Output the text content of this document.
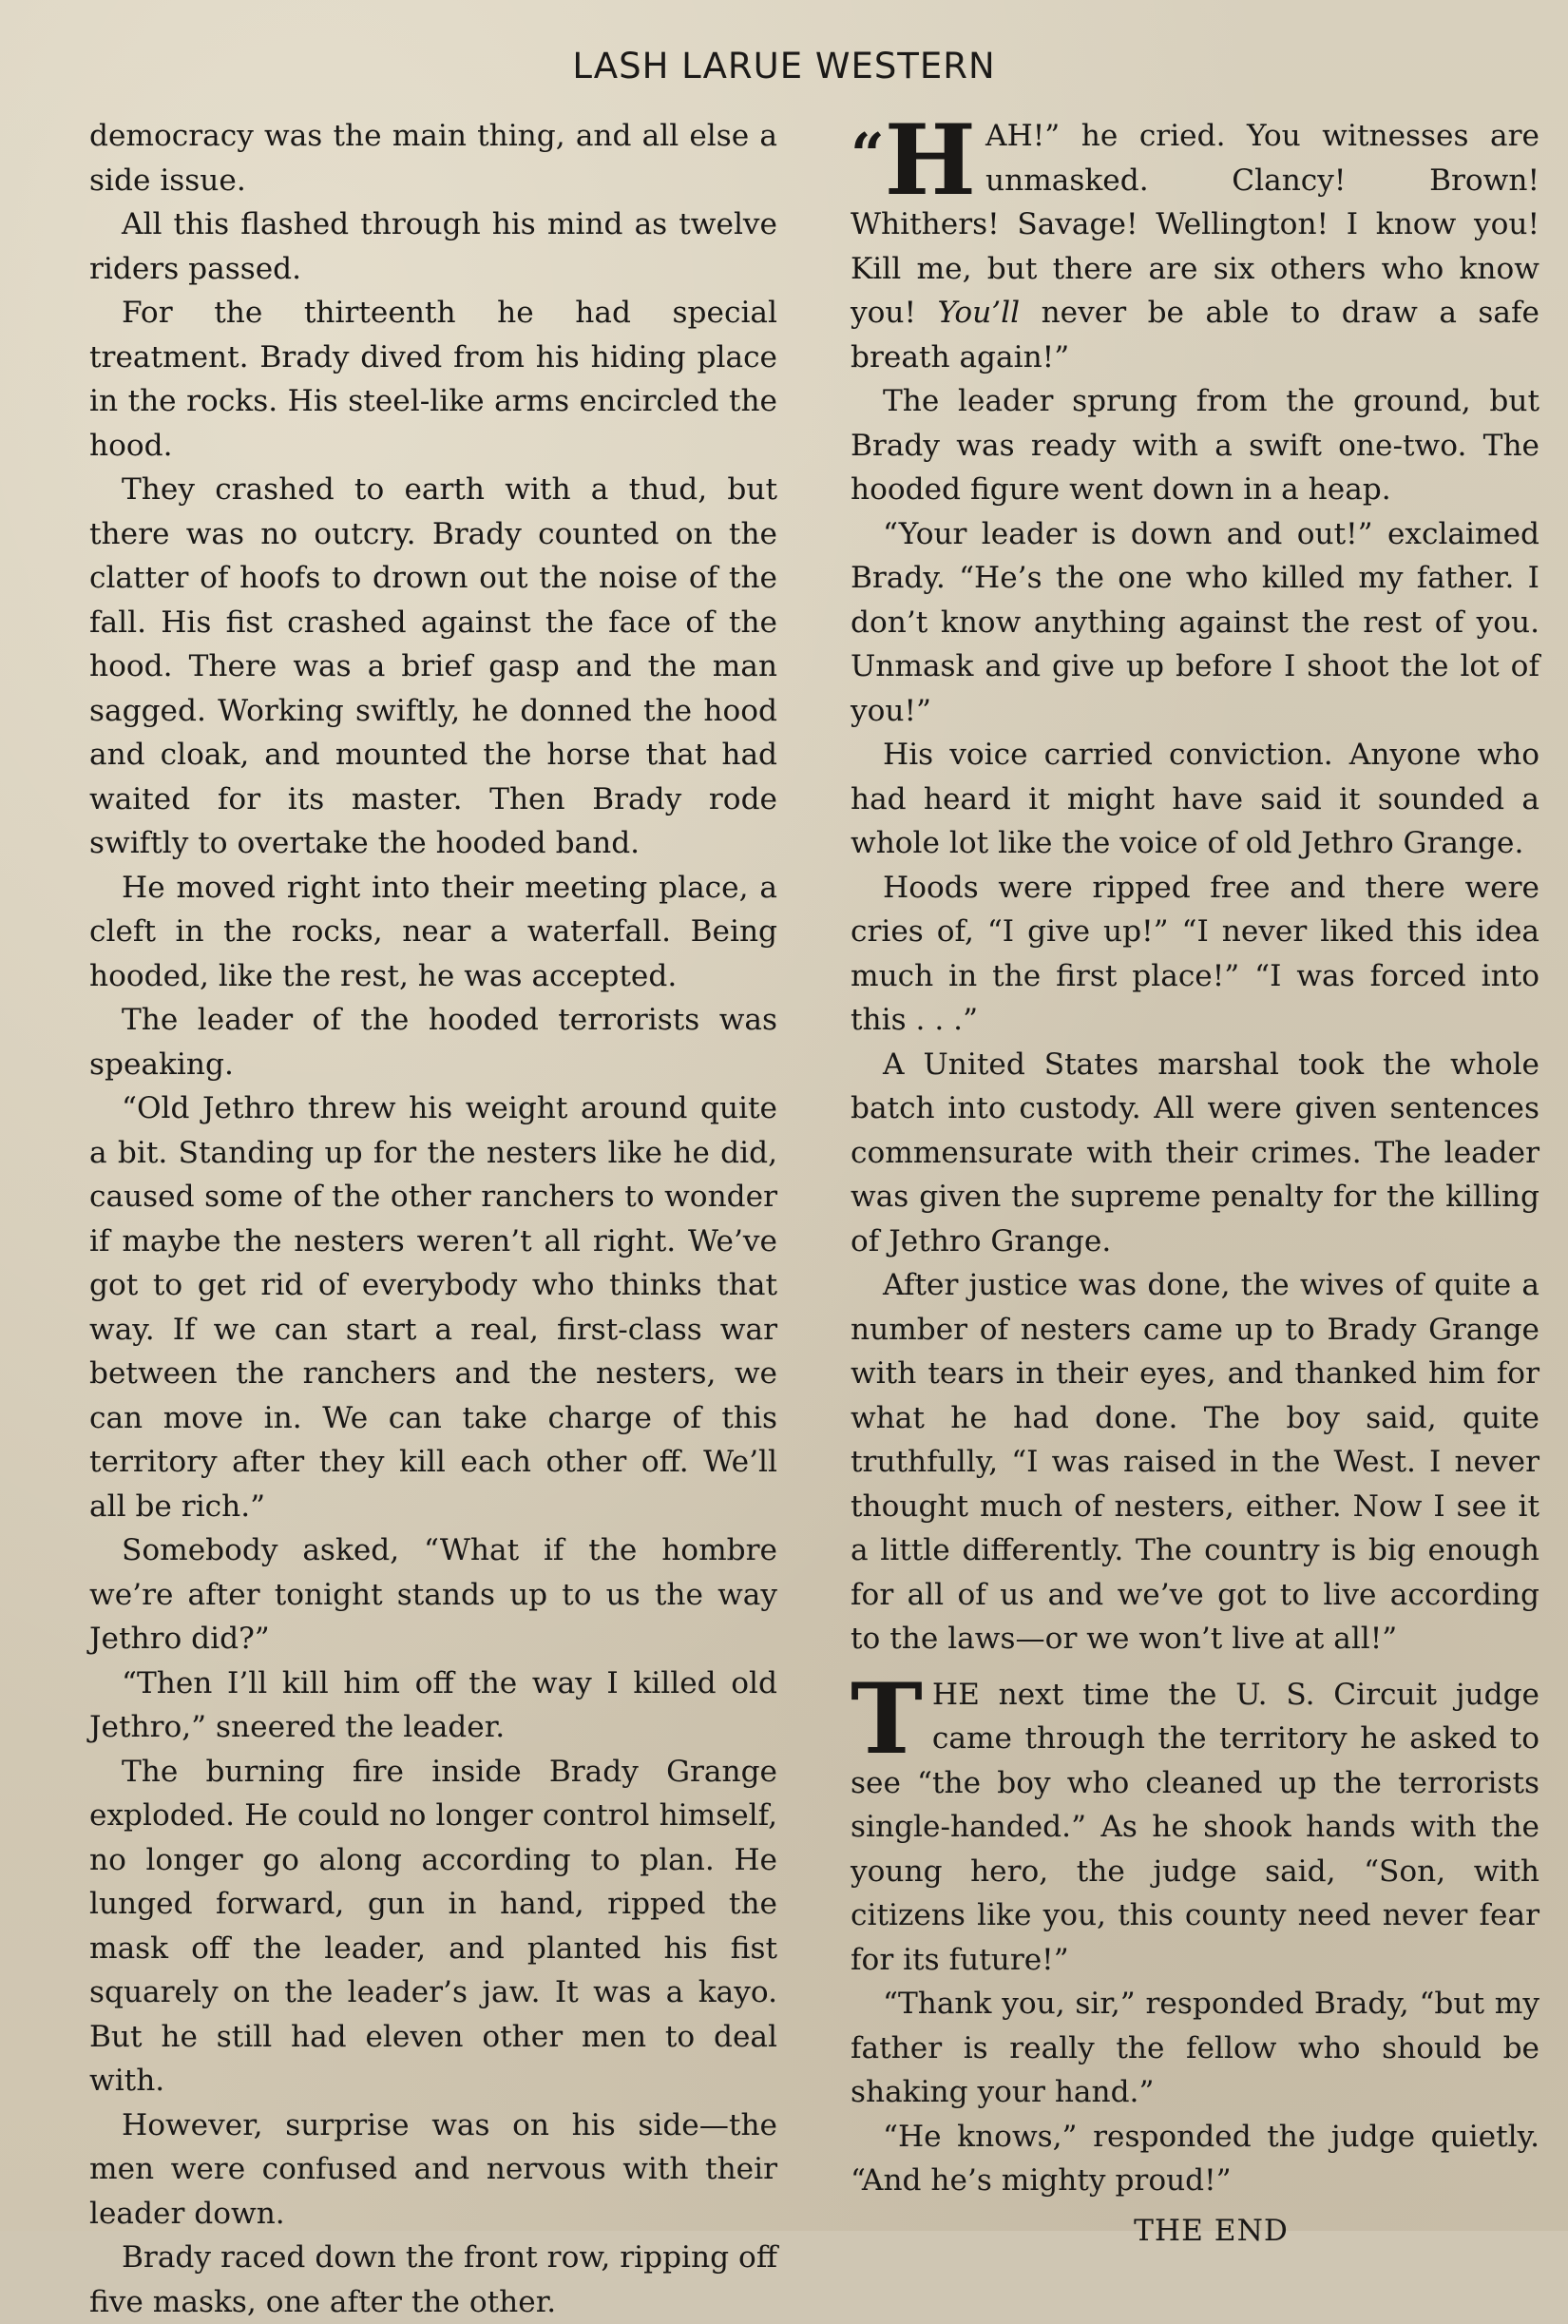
LASH LARUE WESTERN

democracy was the main thing, and all else a side issue.

All this flashed through his mind as twelve riders passed.

For the thirteenth he had special treatment. Brady dived from his hiding place in the rocks. His steel-like arms encircled the hood.

They crashed to earth with a thud, but there was no outcry. Brady counted on the clatter of hoofs to drown out the noise of the fall. His fist crashed against the face of the hood. There was a brief gasp and the man sagged. Working swiftly, he donned the hood and cloak, and mounted the horse that had waited for its master. Then Brady rode swiftly to overtake the hooded band.

He moved right into their meeting place, a cleft in the rocks, near a waterfall. Being hooded, like the rest, he was accepted.

The leader of the hooded terrorists was speaking.

“Old Jethro threw his weight around quite a bit. Standing up for the nesters like he did, caused some of the other ranchers to wonder if maybe the nesters weren’t all right. We’ve got to get rid of everybody who thinks that way. If we can start a real, first-class war between the ranchers and the nesters, we can move in. We can take charge of this territory after they kill each other off. We’ll all be rich.”

Somebody asked, “What if the hombre we’re after tonight stands up to us the way Jethro did?”

“Then I’ll kill him off the way I killed old Jethro,” sneered the leader.

The burning fire inside Brady Grange exploded. He could no longer control himself, no longer go along according to plan. He lunged forward, gun in hand, ripped the mask off the leader, and planted his fist squarely on the leader’s jaw. It was a kayo. But he still had eleven other men to deal with.

However, surprise was on his side—the men were confused and nervous with their leader down.

Brady raced down the front row, ripping off five masks, one after the other.

“H AH!” he cried. You witnesses are unmasked. Clancy! Brown! Whithers! Savage! Wellington! I know you! Kill me, but there are six others who know you! You’ll never be able to draw a safe breath again!”

The leader sprung from the ground, but Brady was ready with a swift one-two. The hooded figure went down in a heap.

“Your leader is down and out!” exclaimed Brady. “He’s the one who killed my father. I don’t know anything against the rest of you. Unmask and give up before I shoot the lot of you!”

His voice carried conviction. Anyone who had heard it might have said it sounded a whole lot like the voice of old Jethro Grange.

Hoods were ripped free and there were cries of, “I give up!” “I never liked this idea much in the first place!” “I was forced into this . . .”

A United States marshal took the whole batch into custody. All were given sentences commensurate with their crimes. The leader was given the supreme penalty for the killing of Jethro Grange.

After justice was done, the wives of quite a number of nesters came up to Brady Grange with tears in their eyes, and thanked him for what he had done. The boy said, quite truthfully, “I was raised in the West. I never thought much of nesters, either. Now I see it a little differently. The country is big enough for all of us and we’ve got to live according to the laws—or we won’t live at all!”

THE next time the U. S. Circuit judge came through the territory he asked to see “the boy who cleaned up the terrorists single-handed.” As he shook hands with the young hero, the judge said, “Son, with citizens like you, this county need never fear for its future!”

“Thank you, sir,” responded Brady, “but my father is really the fellow who should be shaking your hand.”

“He knows,” responded the judge quietly. “And he’s mighty proud!”

THE END
